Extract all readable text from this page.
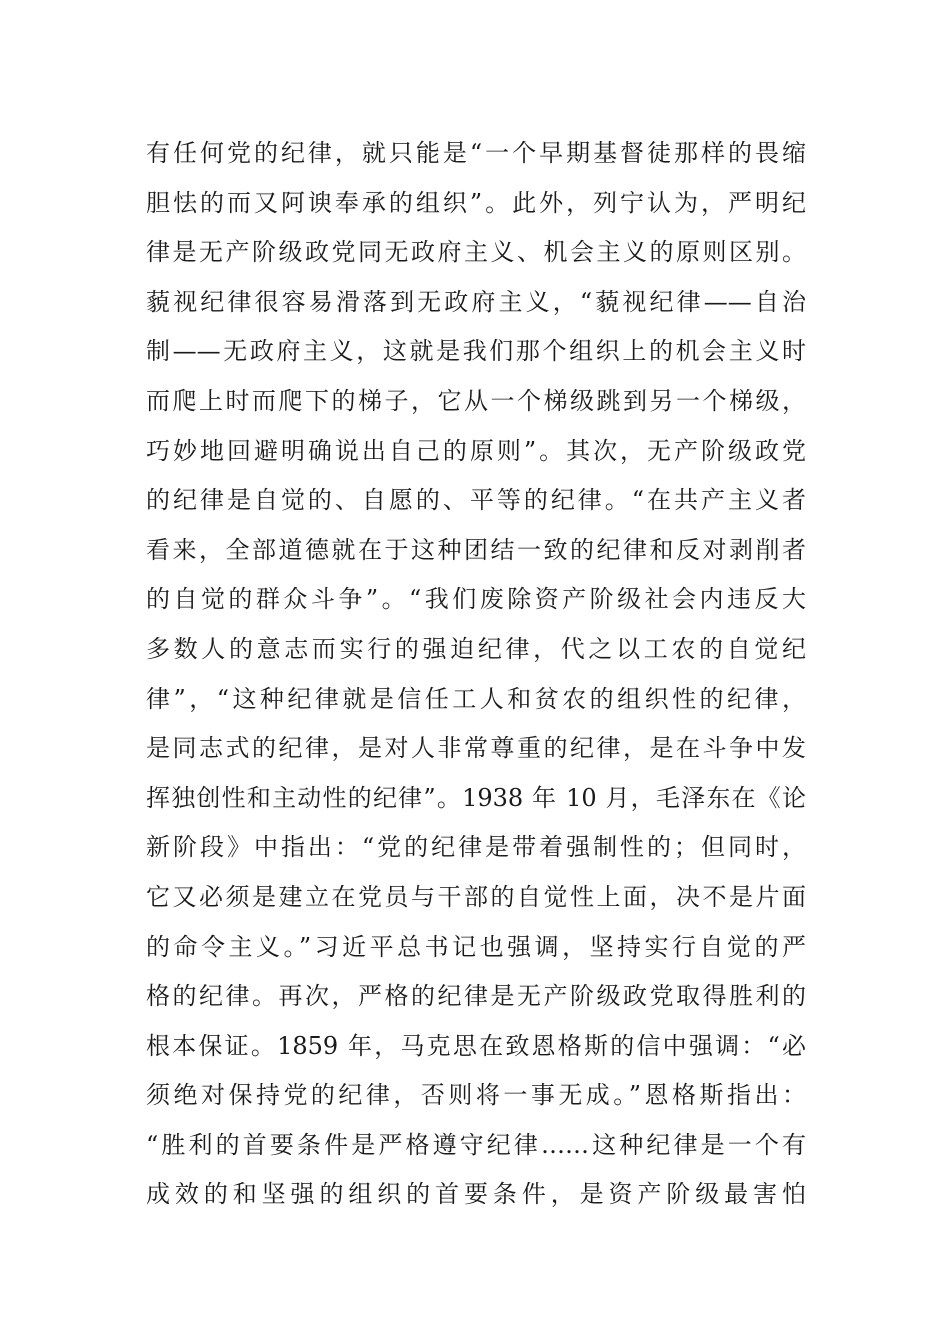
有任何党的纪律，就只能是“一个早期基督徒那样的畏缩
胆怯的而又阿谀奉承的组织”。此外，列宁认为，严明纪
律是无产阶级政党同无政府主义、机会主义的原则区别。
藐视纪律很容易滑落到无政府主义，“藐视纪律——自治
制——无政府主义，这就是我们那个组织上的机会主义时
而爬上时而爬下的梯子，它从一个梯级跳到另一个梯级，
巧妙地回避明确说出自己的原则”。其次，无产阶级政党
的纪律是自觉的、自愿的、平等的纪律。“在共产主义者
看来，全部道德就在于这种团结一致的纪律和反对剥削者
的自觉的群众斗争”。“我们废除资产阶级社会内违反大
多数人的意志而实行的强迫纪律，代之以工农的自觉纪
律”，“这种纪律就是信任工人和贫农的组织性的纪律，
是同志式的纪律，是对人非常尊重的纪律，是在斗争中发
挥独创性和主动性的纪律”。1938 年 10 月，毛泽东在《论
新阶段》中指出：“党的纪律是带着强制性的；但同时，
它又必须是建立在党员与干部的自觉性上面，决不是片面
的命令主义。”习近平总书记也强调，坚持实行自觉的严
格的纪律。再次，严格的纪律是无产阶级政党取得胜利的
根本保证。1859 年，马克思在致恩格斯的信中强调：“必
须绝对保持党的纪律，否则将一事无成。”恩格斯指出：
“胜利的首要条件是严格遵守纪律……这种纪律是一个有
成效的和坚强的组织的首要条件，是资产阶级最害怕
